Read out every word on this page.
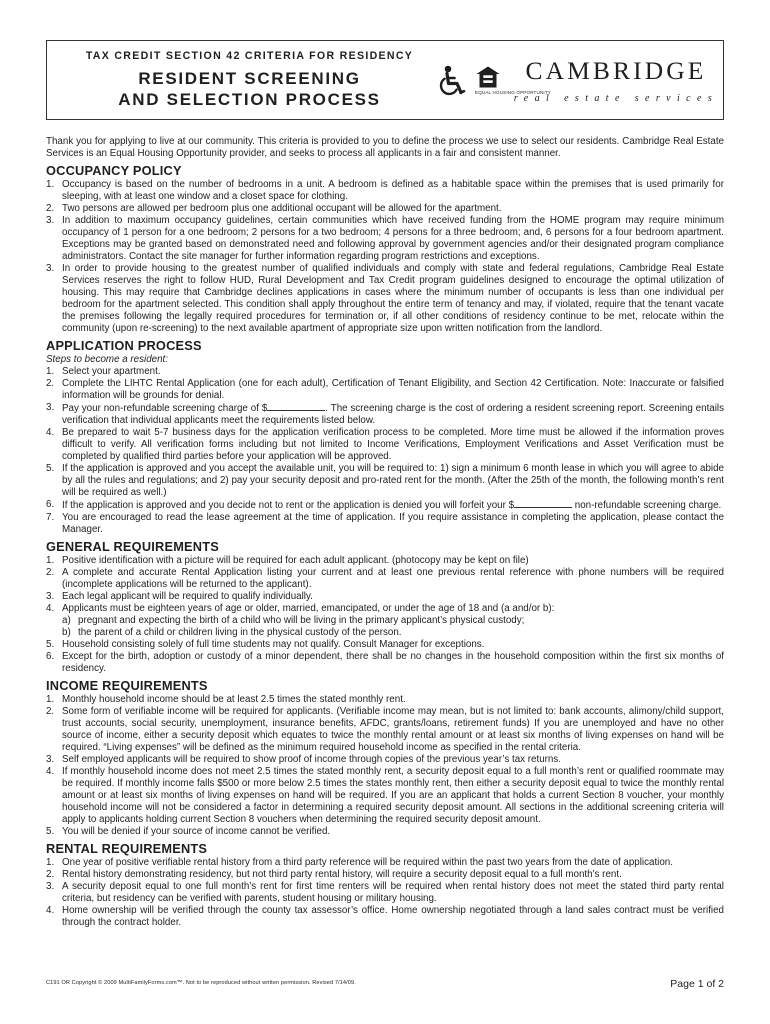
TAX CREDIT SECTION 42 CRITERIA FOR RESIDENCY
RESIDENT SCREENING
AND SELECTION PROCESS	EQUAL HOUSING OPPORTUNITY
CAMBRIDGE
real estate services

Thank you for applying to live at our community. This criteria is provided to you to define the process we use to select our residents. Cambridge Real Estate Services is an Equal Housing Opportunity provider, and seeks to process all applicants in a fair and consistent manner.

OCCUPANCY POLICY
1. Occupancy is based on the number of bedrooms in a unit. A bedroom is defined as a habitable space within the premises that is used primarily for sleeping, with at least one window and a closet space for clothing.
2. Two persons are allowed per bedroom plus one additional occupant will be allowed for the apartment.
3. In addition to maximum occupancy guidelines, certain communities which have received funding from the HOME program may require minimum occupancy of 1 person for a one bedroom; 2 persons for a two bedroom; 4 persons for a three bedroom; and, 6 persons for a four bedroom apartment. Exceptions may be granted based on demonstrated need and following approval by government agencies and/or their designated program compliance administrators. Contact the site manager for further information regarding program restrictions and exceptions.
3. In order to provide housing to the greatest number of qualified individuals and comply with state and federal regulations, Cambridge Real Estate Services reserves the right to follow HUD, Rural Development and Tax Credit program guidelines designed to encourage the optimal utilization of housing. This may require that Cambridge declines applications in cases where the minimum number of occupants is less than one individual per bedroom for the apartment selected. This condition shall apply throughout the entire term of tenancy and may, if violated, require that the tenant vacate the premises following the legally required procedures for termination or, if all other conditions of residency continue to be met, relocate within the community (upon re-screening) to the next available apartment of appropriate size upon written notification from the landlord.
APPLICATION PROCESS
Steps to become a resident:
1. Select your apartment.
2. Complete the LIHTC Rental Application (one for each adult), Certification of Tenant Eligibility, and Section 42 Certification. Note: Inaccurate or falsified information will be grounds for denial.
3. Pay your non-refundable screening charge of $	. The screening charge is the cost of ordering a resident screening report. Screening entails verification that individual applicants meet the requirements listed below.
4. Be prepared to wait 5-7 business days for the application verification process to be completed. More time must be allowed if the information proves difficult to verify. All verification forms including but not limited to Income Verifications, Employment Verifications and Asset Verification must be completed by qualified third parties before your application will be approved.
5. If the application is approved and you accept the available unit, you will be required to: 1) sign a minimum 6 month lease in which you will agree to abide by all the rules and regulations; and 2) pay your security deposit and pro-rated rent for the month. (After the 25th of the month, the following month’s rent will be required as well.)
6. If the application is approved and you decide not to rent or the application is denied you will forfeit your $	non-refundable screening charge.
7. You are encouraged to read the lease agreement at the time of application. If you require assistance in completing the application, please contact the Manager.
GENERAL REQUIREMENTS
1. Positive identification with a picture will be required for each adult applicant. (photocopy may be kept on file)
2. A complete and accurate Rental Application listing your current and at least one previous rental reference with phone numbers will be required (incomplete applications will be returned to the applicant).
3. Each legal applicant will be required to qualify individually.
4. Applicants must be eighteen years of age or older, married, emancipated, or under the age of 18 and (a and/or b):
a) pregnant and expecting the birth of a child who will be living in the primary applicant’s physical custody;
b) the parent of a child or children living in the physical custody of the person.
5. Household consisting solely of full time students may not qualify. Consult Manager for exceptions.
6. Except for the birth, adoption or custody of a minor dependent, there shall be no changes in the household composition within the first six months of residency.
INCOME REQUIREMENTS
1. Monthly household income should be at least 2.5 times the stated monthly rent.
2. Some form of verifiable income will be required for applicants. (Verifiable income may mean, but is not limited to: bank accounts, alimony/child support, trust accounts, social security, unemployment, insurance benefits, AFDC, grants/loans, retirement funds) If you are unemployed and have no other source of income, either a security deposit which equates to twice the monthly rental amount or at least six months of living expenses on hand will be required. “Living expenses” will be defined as the minimum required household income as specified in the rental criteria.
3. Self employed applicants will be required to show proof of income through copies of the previous year’s tax returns.
4. If monthly household income does not meet 2.5 times the stated monthly rent, a security deposit equal to a full month’s rent or qualified roommate may be required. If monthly income falls $500 or more below 2.5 times the states monthly rent, then either a security deposit equal to twice the monthly rental amount or at least six months of living expenses on hand will be required. If you are an applicant that holds a current Section 8 voucher, your monthly household income will not be considered a factor in determining a required security deposit amount. All sections in the additional screening criteria will apply to applicants holding current Section 8 vouchers when determining the required security deposit amount.
5. You will be denied if your source of income cannot be verified.
RENTAL REQUIREMENTS
1. One year of positive verifiable rental history from a third party reference will be required within the past two years from the date of application.
2. Rental history demonstrating residency, but not third party rental history, will require a security deposit equal to a full month’s rent.
3. A security deposit equal to one full month’s rent for first time renters will be required when rental history does not meet the stated third party rental criteria, but residency can be verified with parents, student housing or military housing.
4. Home ownership will be verified through the county tax assessor’s office. Home ownership negotiated through a land sales contract must be verified through the contract holder.
C191 OR Copyright © 2009 MultiFamilyForms.com™. Not to be reproduced without written permission. Revised 7/14/09.	Page 1 of 2
